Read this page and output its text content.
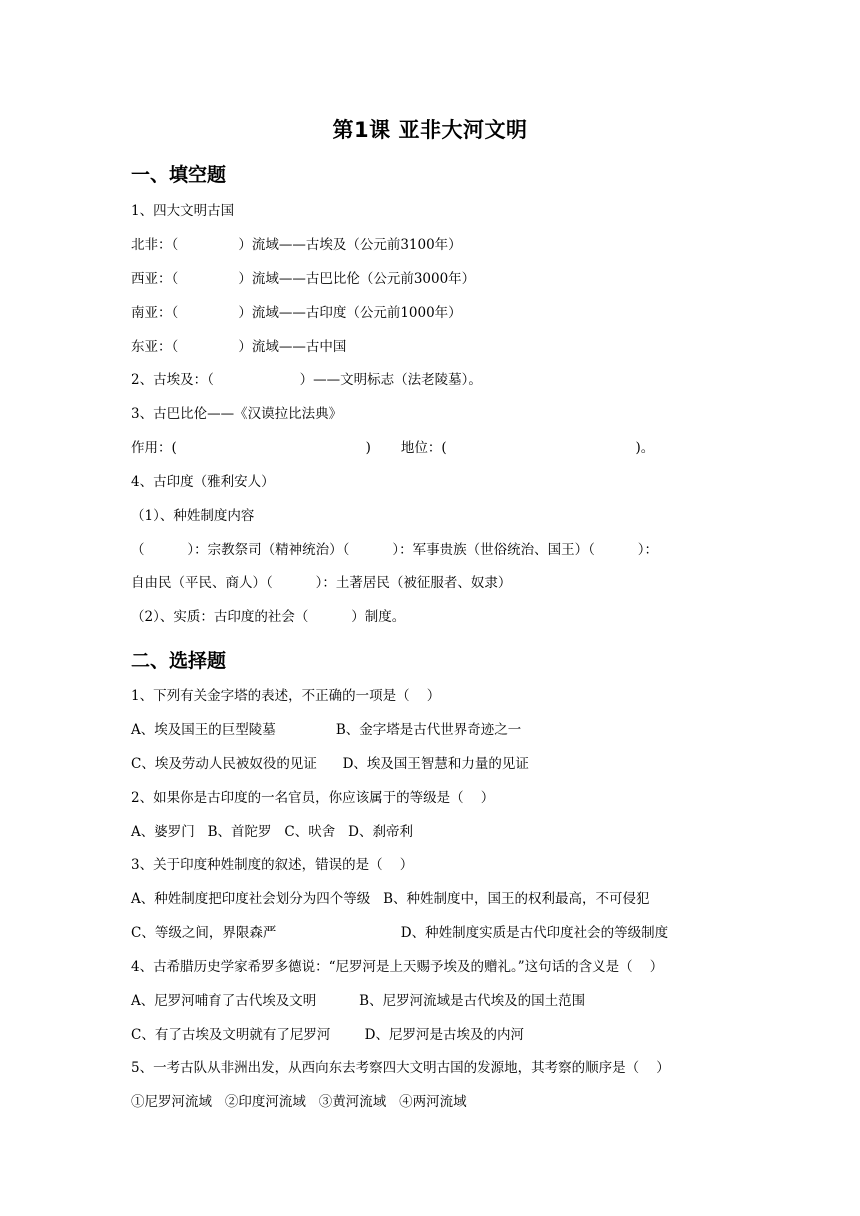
第1课 亚非大河文明
一、填空题
1、四大文明古国
北非：（              ）流域——古埃及（公元前3100年）
西亚：（              ）流域——古巴比伦（公元前3000年）
南亚：（              ）流域——古印度（公元前1000年）
东亚：（              ）流域——古中国
2、古埃及：（                    ）——文明标志（法老陵墓）。
3、古巴比伦——《汉谟拉比法典》
作用：(                                            )       地位：(                                            )。
4、古印度（雅利安人）
（1）、种姓制度内容
（          ）：宗教祭司（精神统治）（          ）：军事贵族（世俗统治、国王）（          ）：
自由民（平民、商人）（          ）：土著居民（被征服者、奴隶）
（2）、实质：古印度的社会（          ）制度。
二、选择题
1、下列有关金字塔的表述，不正确的一项是（    ）
A、埃及国王的巨型陵墓              B、金字塔是古代世界奇迹之一
C、埃及劳动人民被奴役的见证      D、埃及国王智慧和力量的见证
2、如果你是古印度的一名官员，你应该属于的等级是（    ）
A、婆罗门   B、首陀罗   C、吠舍   D、刹帝利
3、关于印度种姓制度的叙述，错误的是（    ）
A、种姓制度把印度社会划分为四个等级   B、种姓制度中，国王的权利最高，不可侵犯
C、等级之间，界限森严                             D、种姓制度实质是古代印度社会的等级制度
4、古希腊历史学家希罗多德说：“尼罗河是上天赐予埃及的赠礼。”这句话的含义是（    ）
A、尼罗河哺育了古代埃及文明          B、尼罗河流域是古代埃及的国土范围
C、有了古埃及文明就有了尼罗河        D、尼罗河是古埃及的内河
5、一考古队从非洲出发，从西向东去考察四大文明古国的发源地，其考察的顺序是（    ）
①尼罗河流域   ②印度河流域   ③黄河流域   ④两河流域
